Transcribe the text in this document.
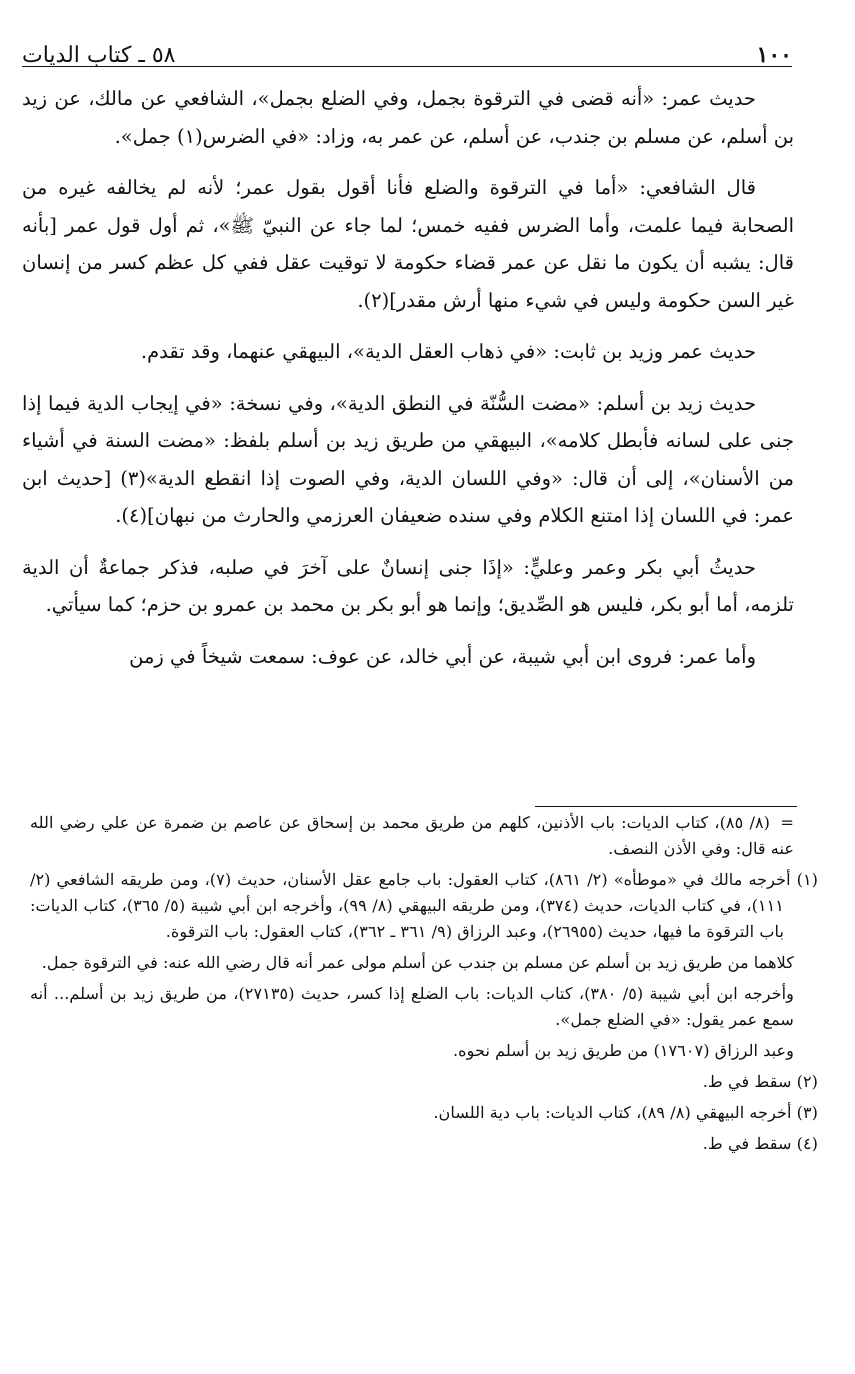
١٠٠
٥٨ ـ كتاب الديات

حديث عمر: «أنه قضى في الترقوة بجمل، وفي الضلع بجمل»، الشافعي عن مالك، عن زيد بن أسلم، عن مسلم بن جندب، عن أسلم، عن عمر به، وزاد: «في الضرس(١) جمل».

قال الشافعي: «أما في الترقوة والضلع فأنا أقول بقول عمر؛ لأنه لم يخالفه غيره من الصحابة فيما علمت، وأما الضرس ففيه خمس؛ لما جاء عن النبيّ ﷺ»، ثم أول قول عمر [بأنه قال: يشبه أن يكون ما نقل عن عمر قضاء حكومة لا توقيت عقل ففي كل عظم كسر من إنسان غير السن حكومة وليس في شيء منها أرش مقدر](٢).

حديث عمر وزيد بن ثابت: «في ذهاب العقل الدية»، البيهقي عنهما، وقد تقدم.

حديث زيد بن أسلم: «مضت السُّنّة في النطق الدية»، وفي نسخة: «في إيجاب الدية فيما إذا جنى على لسانه فأبطل كلامه»، البيهقي من طريق زيد بن أسلم بلفظ: «مضت السنة في أشياء من الأسنان»، إلى أن قال: «وفي اللسان الدية، وفي الصوت إذا انقطع الدية»(٣) [حديث ابن عمر: في اللسان إذا امتنع الكلام وفي سنده ضعيفان العرزمي والحارث من نبهان](٤).

حديثُ أبي بكر وعمر وعليٍّ: «إذَا جنى إنسانٌ على آخرَ في صلبه، فذكر جماعةٌ أن الدية تلزمه، أما أبو بكر، فليس هو الصِّديق؛ وإنما هو أبو بكر بن محمد بن عمرو بن حزم؛ كما سيأتي.

وأما عمر: فروى ابن أبي شيبة، عن أبي خالد، عن عوف: سمعت شيخاً في زمن

=(٨/ ٨٥)، كتاب الديات: باب الأذنين، كلهم من طريق محمد بن إسحاق عن عاصم بن ضمرة عن علي رضي الله عنه قال: وفي الأذن النصف.
(١) أخرجه مالك في «موطأه» (٢/ ٨٦١)، كتاب العقول: باب جامع عقل الأسنان، حديث (٧)، ومن طريقه الشافعي (٢/ ١١١)، في كتاب الديات، حديث (٣٧٤)، ومن طريقه البيهقي (٨/ ٩٩)، وأخرجه ابن أبي شيبة (٥/ ٣٦٥)، كتاب الديات: باب الترقوة ما فيها، حديث (٢٦٩٥٥)، وعبد الرزاق (٩/ ٣٦١ ـ ٣٦٢)، كتاب العقول: باب الترقوة.
كلاهما من طريق زيد بن أسلم عن مسلم بن جندب عن أسلم مولى عمر أنه قال رضي الله عنه: في الترقوة جمل.
وأخرجه ابن أبي شيبة (٥/ ٣٨٠)، كتاب الديات: باب الضلع إذا كسر، حديث (٢٧١٣٥)، من طريق زيد بن أسلم... أنه سمع عمر يقول: «في الضلع جمل».
وعبد الرزاق (١٧٦٠٧) من طريق زيد بن أسلم نحوه.
(٢) سقط في ط.
(٣) أخرجه البيهقي (٨/ ٨٩)، كتاب الديات: باب دية اللسان.
(٤) سقط في ط.
